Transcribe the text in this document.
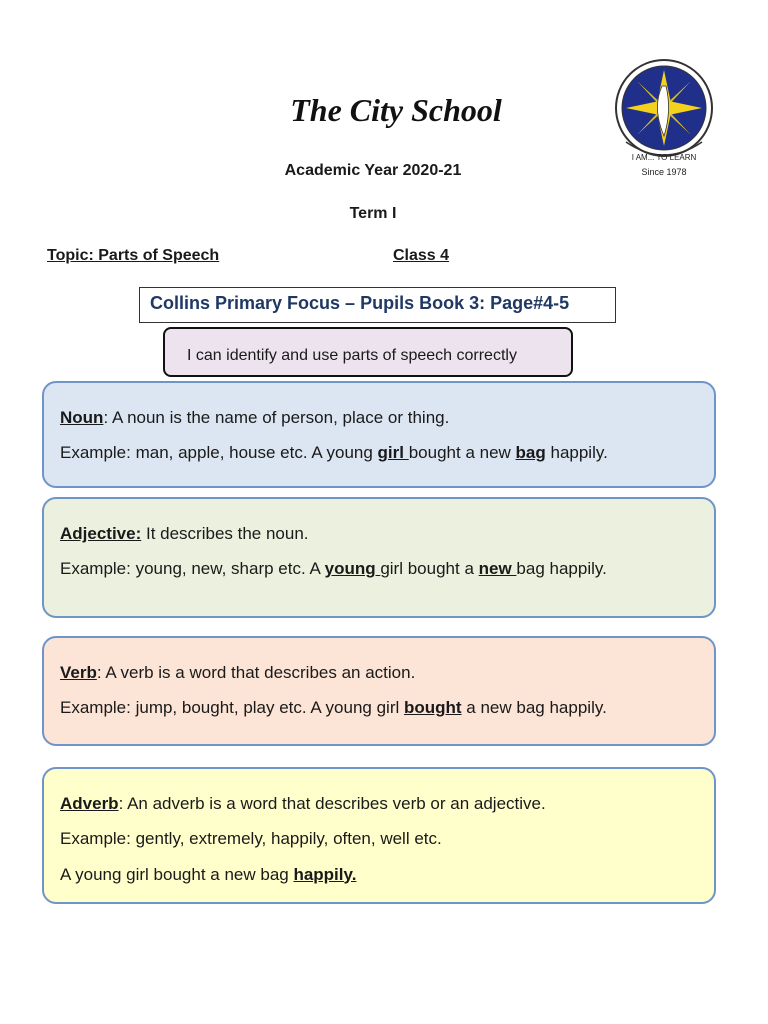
The City School
I AM... TO LEARN
Since 1978
Academic Year 2020-21
Term I
Topic: Parts of Speech	Class 4
Collins Primary Focus – Pupils Book 3: Page#4-5
I can identify and use parts of speech correctly

Noun: A noun is the name of person, place or thing.

Example: man, apple, house etc. A young girl bought a new bag happily.

Adjective: It describes the noun.

Example: young, new, sharp etc. A young girl bought a new bag happily.

Verb: A verb is a word that describes an action.

Example: jump, bought, play etc. A young girl bought a new bag happily.

Adverb: An adverb is a word that describes verb or an adjective.

Example: gently, extremely, happily, often, well etc.

A young girl bought a new bag happily.
